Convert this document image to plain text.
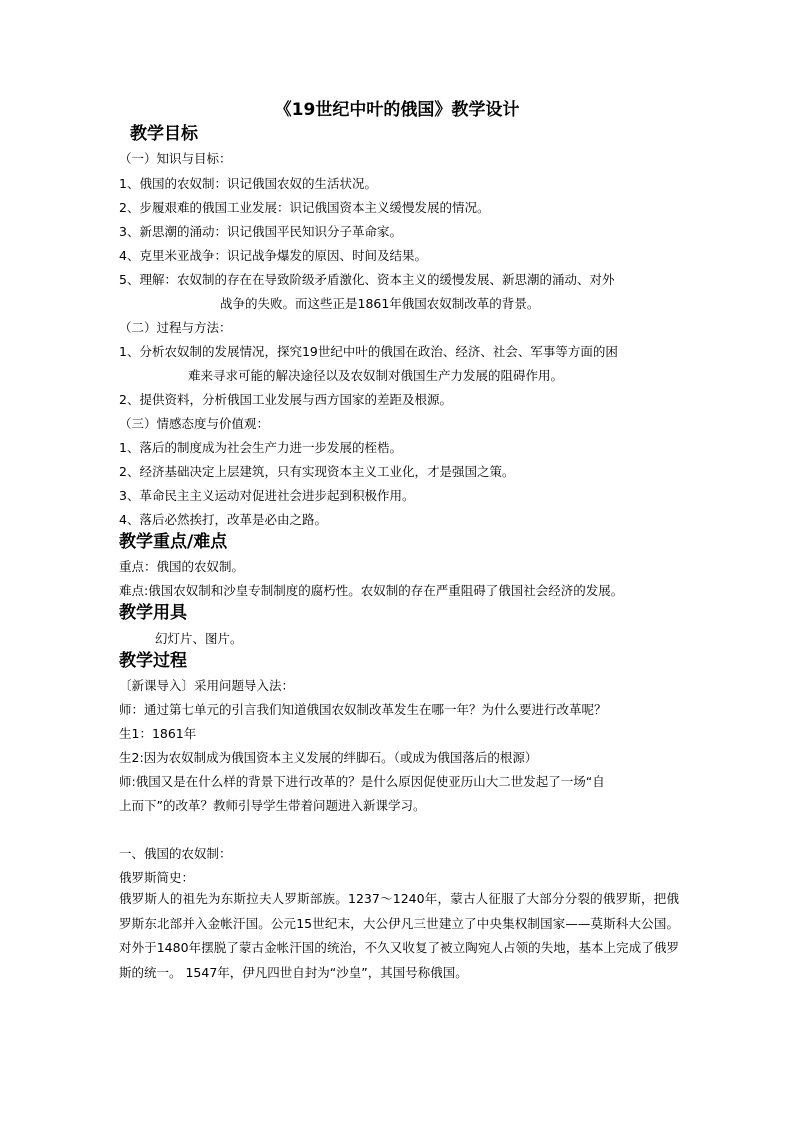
《19世纪中叶的俄国》教学设计
教学目标
（一）知识与目标：
1、俄国的农奴制：识记俄国农奴的生活状况。
2、步履艰难的俄国工业发展：识记俄国资本主义缓慢发展的情况。
3、新思潮的涌动：识记俄国平民知识分子革命家。
4、克里米亚战争：识记战争爆发的原因、时间及结果。
5、理解：农奴制的存在在导致阶级矛盾激化、资本主义的缓慢发展、新思潮的涌动、对外
战争的失败。而这些正是1861年俄国农奴制改革的背景。
（二）过程与方法：
1、分析农奴制的发展情况，探究19世纪中叶的俄国在政治、经济、社会、军事等方面的困
难来寻求可能的解决途径以及农奴制对俄国生产力发展的阻碍作用。
2、提供资料，分析俄国工业发展与西方国家的差距及根源。
（三）情感态度与价值观：
1、落后的制度成为社会生产力进一步发展的桎梏。
2、经济基础决定上层建筑，只有实现资本主义工业化，才是强国之策。
3、革命民主主义运动对促进社会进步起到积极作用。
4、落后必然挨打，改革是必由之路。
教学重点/难点
重点：俄国的农奴制。
难点:俄国农奴制和沙皇专制制度的腐朽性。农奴制的存在严重阻碍了俄国社会经济的发展。
教学用具
幻灯片、图片。
教学过程
〔新课导入〕采用问题导入法：
师：通过第七单元的引言我们知道俄国农奴制改革发生在哪一年？为什么要进行改革呢？
生1：1861年
生2:因为农奴制成为俄国资本主义发展的绊脚石。（或成为俄国落后的根源）
师:俄国又是在什么样的背景下进行改革的？是什么原因促使亚历山大二世发起了一场“自
上而下”的改革？教师引导学生带着问题进入新课学习。
一、俄国的农奴制：
俄罗斯简史：
俄罗斯人的祖先为东斯拉夫人罗斯部族。1237～1240年，蒙古人征服了大部分分裂的俄罗斯，把俄罗斯东北部并入金帐汗国。公元15世纪末，大公伊凡三世建立了中央集权制国家——莫斯科大公国。对外于1480年摆脱了蒙古金帐汗国的统治，不久又收复了被立陶宛人占领的失地，基本上完成了俄罗斯的统一。 1547年，伊凡四世自封为“沙皇”，其国号称俄国。
